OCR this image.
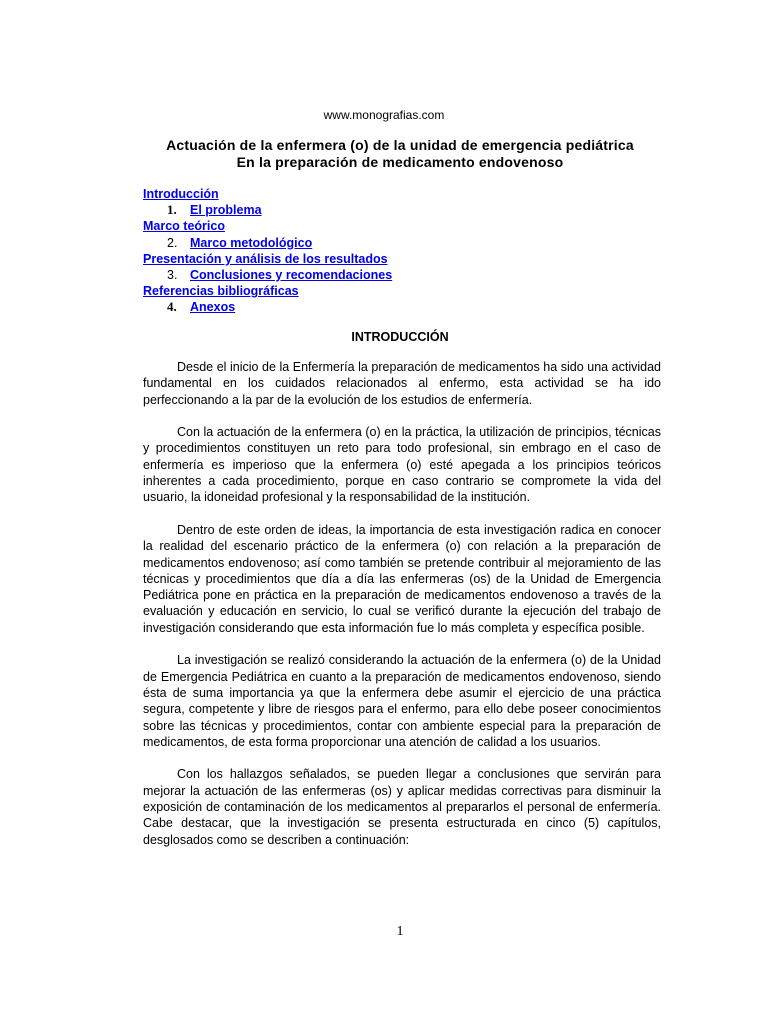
www.monografias.com
Actuación de la enfermera (o) de la unidad de emergencia pediátrica
En la preparación de medicamento endovenoso
Introducción
1. El problema
Marco teórico
2. Marco metodológico
Presentación y análisis de los resultados
3. Conclusiones y recomendaciones
Referencias bibliográficas
4. Anexos
INTRODUCCIÓN

Desde el inicio de la Enfermería la preparación de medicamentos ha sido una actividad fundamental en los cuidados relacionados al enfermo, esta actividad se ha ido perfeccionando a la par de la evolución de los estudios de enfermería.

Con la actuación de la enfermera (o) en la práctica, la utilización de principios, técnicas y procedimientos constituyen un reto para todo profesional, sin embrago en el caso de enfermería es imperioso que la enfermera (o) esté apegada a los principios teóricos inherentes a cada procedimiento, porque en caso contrario se compromete la vida del usuario, la idoneidad profesional y la responsabilidad de la institución.

Dentro de este orden de ideas, la importancia de esta investigación radica en conocer la realidad del escenario práctico de la enfermera (o) con relación a la preparación de medicamentos endovenoso; así como también se pretende contribuir al mejoramiento de las técnicas y procedimientos que día a día las enfermeras (os) de la Unidad de Emergencia Pediátrica pone en práctica en la preparación de medicamentos endovenoso a través de la evaluación y educación en servicio, lo cual se verificó durante la ejecución del trabajo de investigación considerando que esta información fue lo más completa y específica posible.

La investigación se realizó considerando la actuación de la enfermera (o) de la Unidad de Emergencia Pediátrica en cuanto a la preparación de medicamentos endovenoso, siendo ésta de suma importancia ya que la enfermera debe asumir el ejercicio de una práctica segura, competente y libre de riesgos para el enfermo, para ello debe poseer conocimientos sobre las técnicas y procedimientos, contar con ambiente especial para la preparación de medicamentos, de esta forma proporcionar una atención de calidad a los usuarios.

Con los hallazgos señalados, se pueden llegar a conclusiones que servirán para mejorar la actuación de las enfermeras (os) y aplicar medidas correctivas para disminuir la exposición de contaminación de los medicamentos al prepararlos el personal de enfermería. Cabe destacar, que la investigación se presenta estructurada en cinco (5) capítulos, desglosados como se describen a continuación:

1
